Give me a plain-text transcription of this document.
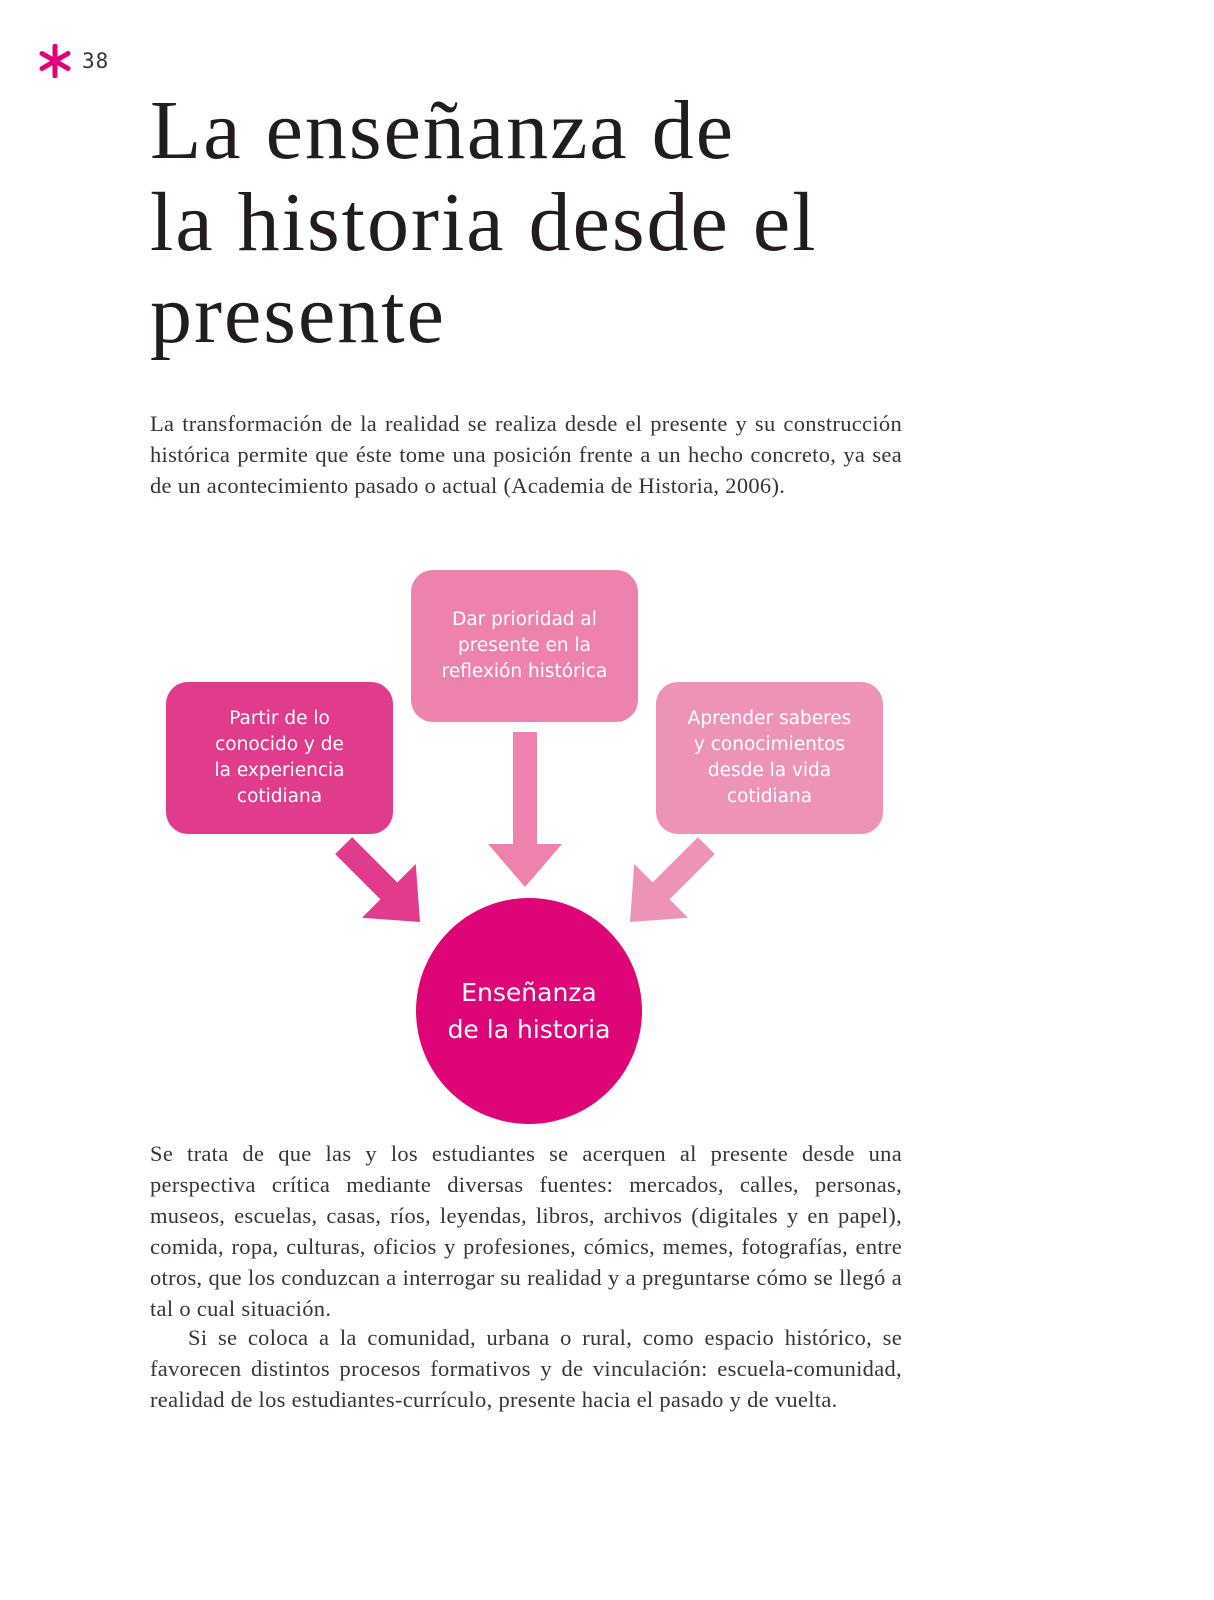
38
La enseñanza de
la historia desde el
presente

La transformación de la realidad se realiza desde el presente y su construcción histórica permite que éste tome una posición frente a un hecho concreto, ya sea de un acontecimiento pasado o actual (Academia de Historia, 2006).

Dar prioridad al
presente en la
reflexión histórica
Partir de lo
conocido y de
la experiencia
cotidiana
Aprender saberes
y conocimientos
desde la vida
cotidiana
Enseñanza
de la historia

Se trata de que las y los estudiantes se acerquen al presente desde una perspectiva crítica mediante diversas fuentes: mercados, calles, personas, museos, escuelas, casas, ríos, leyendas, libros, archivos (digitales y en papel), comida, ropa, culturas, oficios y profesiones, cómics, memes, fotografías, entre otros, que los conduzcan a interrogar su realidad y a preguntarse cómo se llegó a tal o cual situación.

Si se coloca a la comunidad, urbana o rural, como espacio histórico, se favorecen distintos procesos formativos y de vinculación: escuela-comunidad, realidad de los estudiantes-currículo, presente hacia el pasado y de vuelta.
